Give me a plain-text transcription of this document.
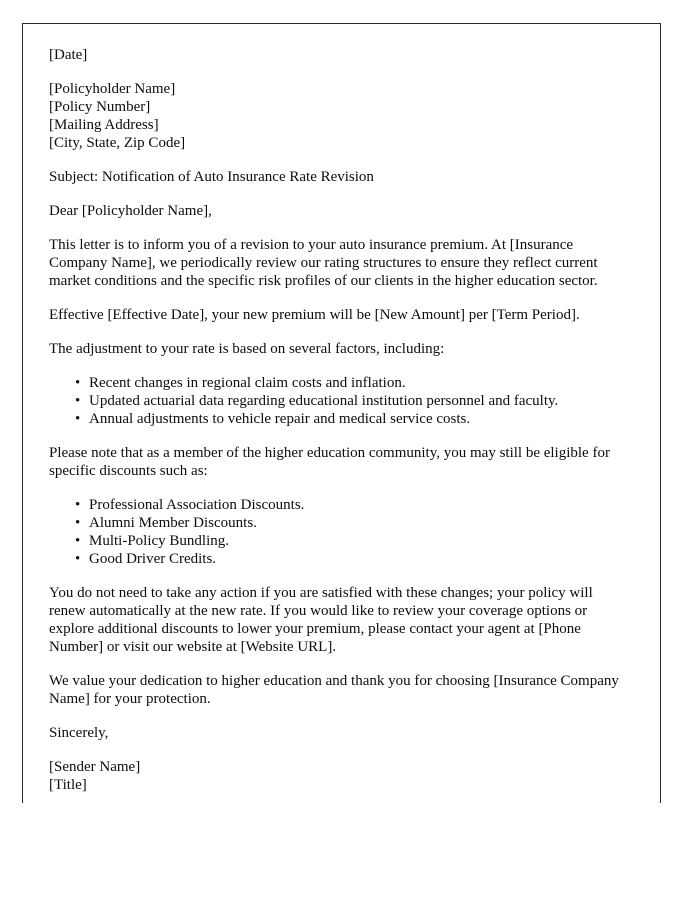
[Date]

[Policyholder Name]
[Policy Number]
[Mailing Address]
[City, State, Zip Code]

Subject: Notification of Auto Insurance Rate Revision

Dear [Policyholder Name],

This letter is to inform you of a revision to your auto insurance premium. At [Insurance Company Name], we periodically review our rating structures to ensure they reflect current market conditions and the specific risk profiles of our clients in the higher education sector.

Effective [Effective Date], your new premium will be [New Amount] per [Term Period].

The adjustment to your rate is based on several factors, including:

• Recent changes in regional claim costs and inflation.
• Updated actuarial data regarding educational institution personnel and faculty.
• Annual adjustments to vehicle repair and medical service costs.

Please note that as a member of the higher education community, you may still be eligible for specific discounts such as:

• Professional Association Discounts.
• Alumni Member Discounts.
• Multi-Policy Bundling.
• Good Driver Credits.

You do not need to take any action if you are satisfied with these changes; your policy will renew automatically at the new rate. If you would like to review your coverage options or explore additional discounts to lower your premium, please contact your agent at [Phone Number] or visit our website at [Website URL].

We value your dedication to higher education and thank you for choosing [Insurance Company Name] for your protection.

Sincerely,

[Sender Name]
[Title]
